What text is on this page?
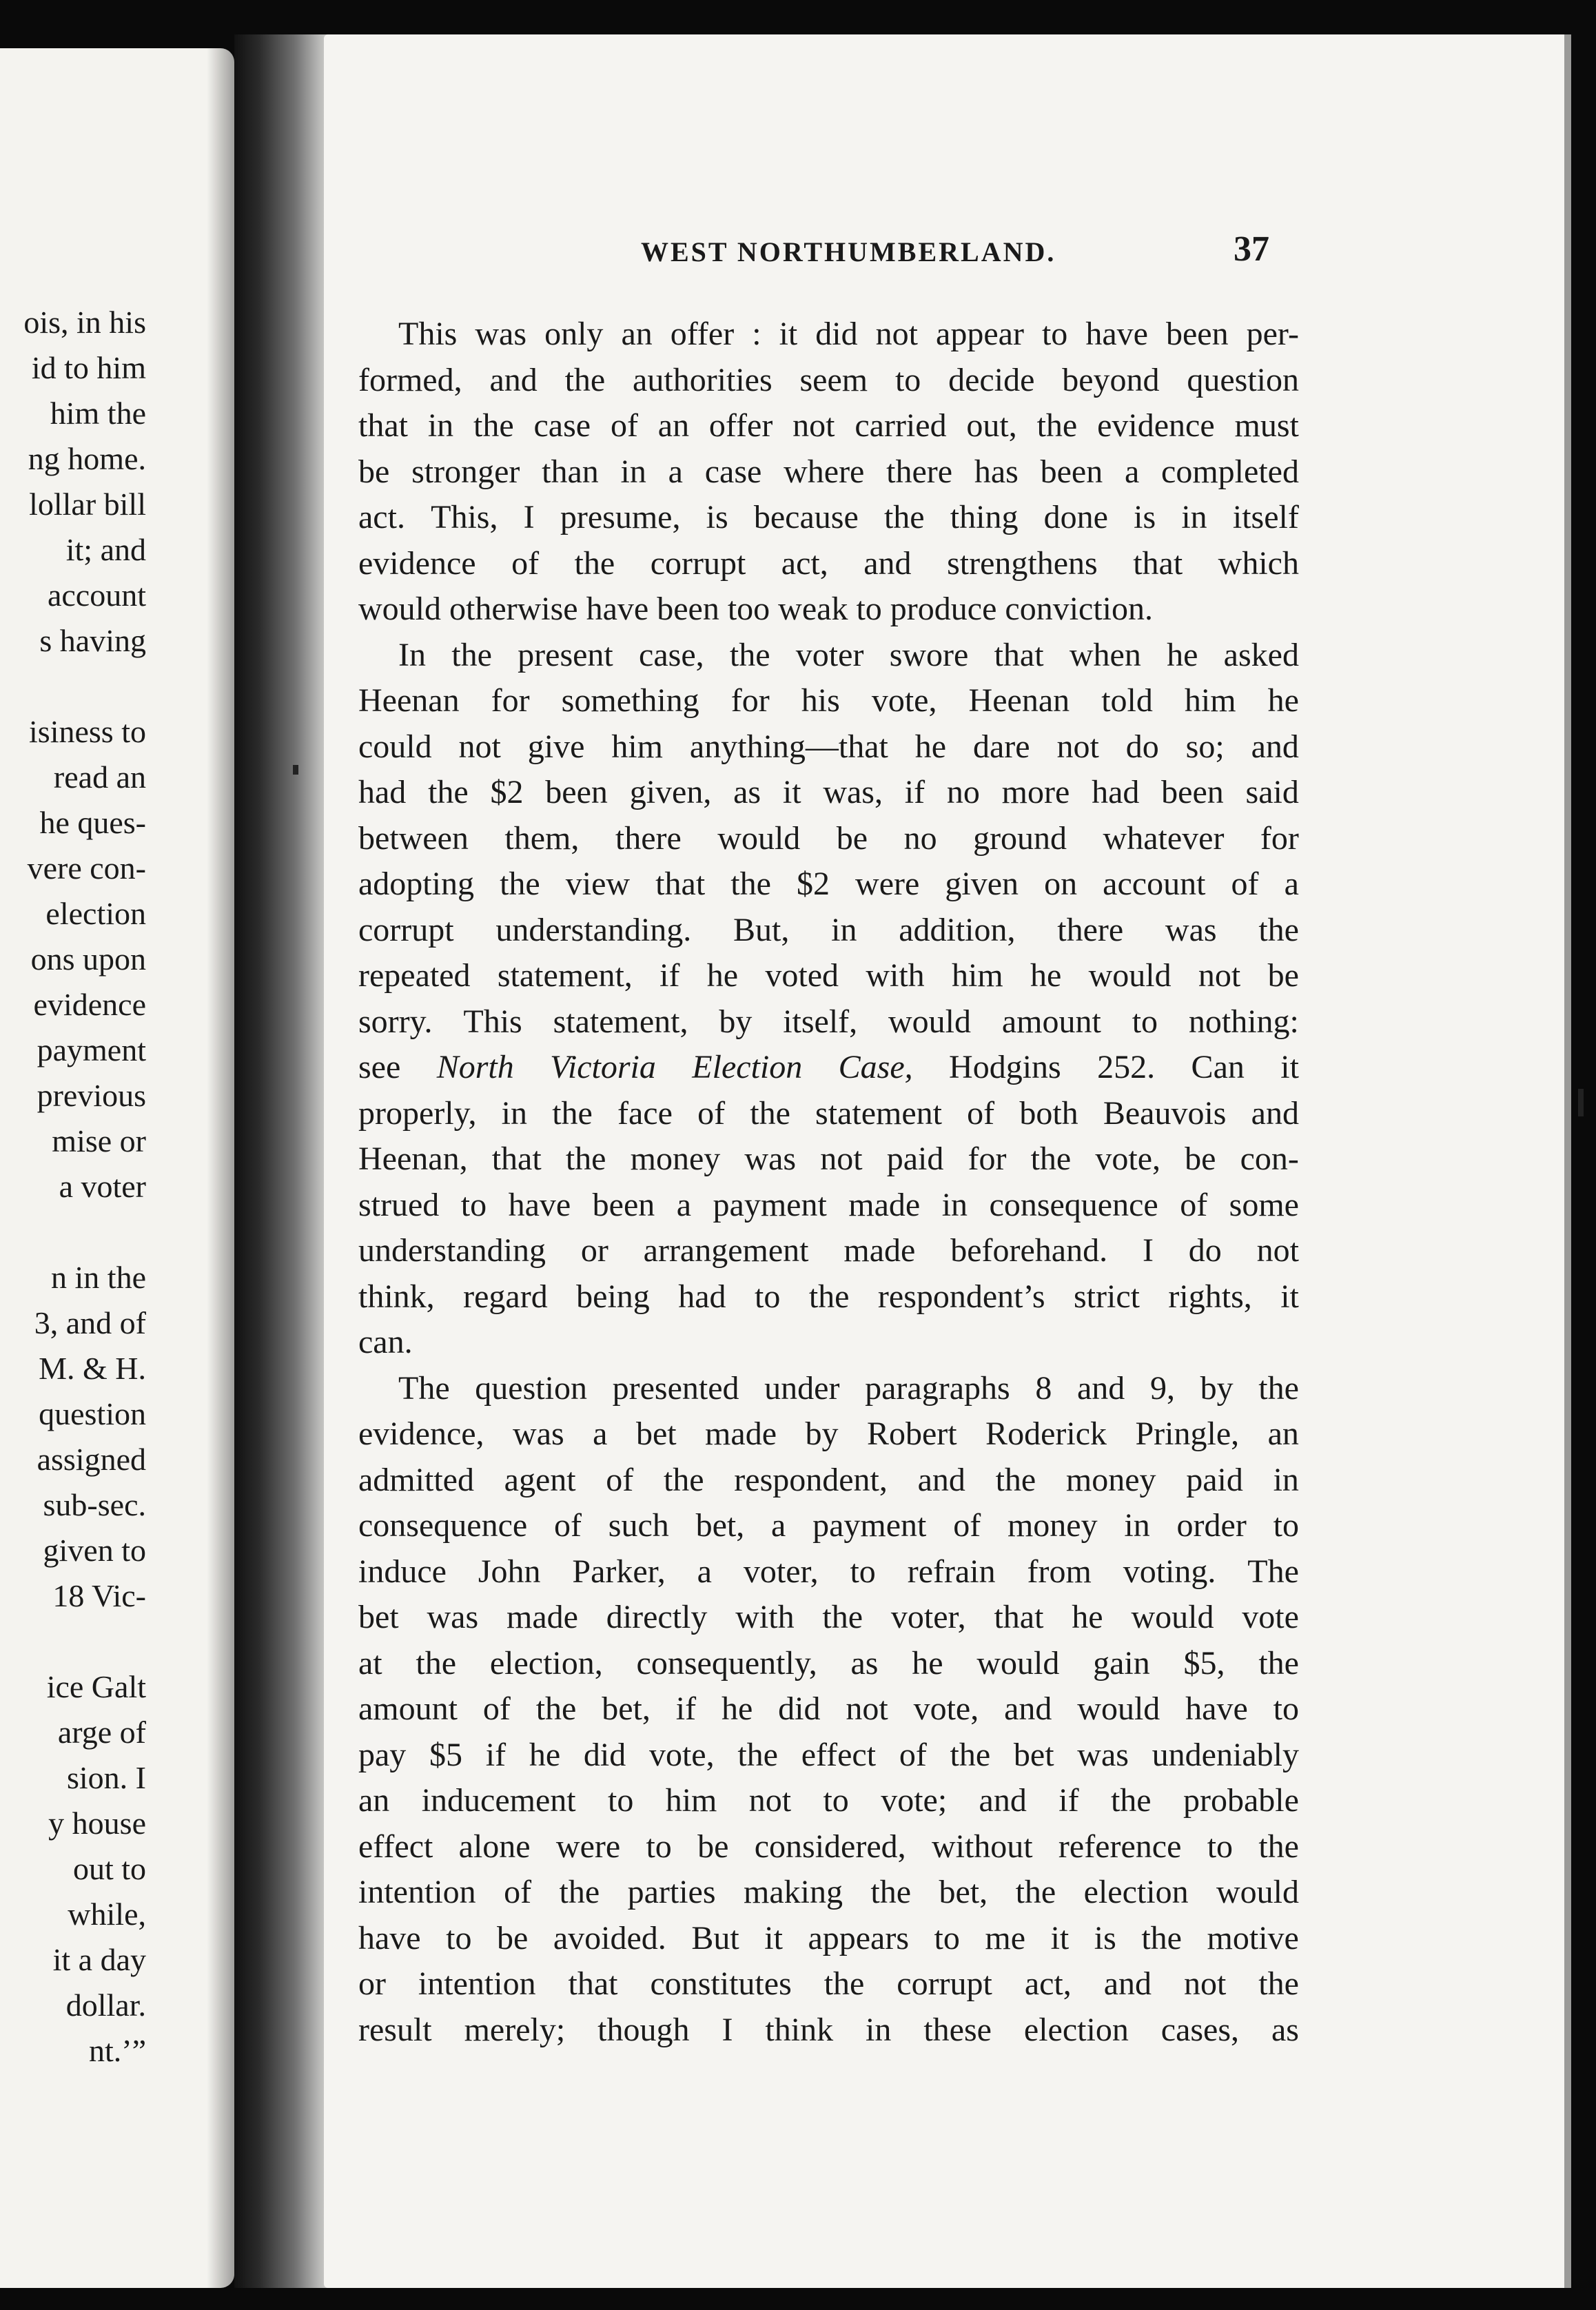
ois, in his
id to him
him the
ng home.
lollar bill
it; and
account
s having
isiness to
read an
he ques-
vere con-
election
ons upon
evidence
payment
previous
mise or
a voter
n in the
3, and of
M. & H.
question
assigned
sub-sec.
given to
18 Vic-
ice Galt
arge of
sion. I
y house
out to
while,
it a day
dollar.
nt.’”
WEST NORTHUMBERLAND.	37
This was only an offer : it did not appear to have been per-
formed, and the authorities seem to decide beyond question
that in the case of an offer not carried out, the evidence must
be stronger than in a case where there has been a completed
act. This, I presume, is because the thing done is in itself
evidence of the corrupt act, and strengthens that which
would otherwise have been too weak to produce conviction.
In the present case, the voter swore that when he asked
Heenan for something for his vote, Heenan told him he
could not give him anything—that he dare not do so; and
had the $2 been given, as it was, if no more had been said
between them, there would be no ground whatever for
adopting the view that the $2 were given on account of a
corrupt understanding. But, in addition, there was the
repeated statement, if he voted with him he would not be
sorry. This statement, by itself, would amount to nothing:
see North Victoria Election Case, Hodgins 252. Can it
properly, in the face of the statement of both Beauvois and
Heenan, that the money was not paid for the vote, be con-
strued to have been a payment made in consequence of some
understanding or arrangement made beforehand. I do not
think, regard being had to the respondent’s strict rights, it
can.
The question presented under paragraphs 8 and 9, by the
evidence, was a bet made by Robert Roderick Pringle, an
admitted agent of the respondent, and the money paid in
consequence of such bet, a payment of money in order to
induce John Parker, a voter, to refrain from voting. The
bet was made directly with the voter, that he would vote
at the election, consequently, as he would gain $5, the
amount of the bet, if he did not vote, and would have to
pay $5 if he did vote, the effect of the bet was undeniably
an inducement to him not to vote; and if the probable
effect alone were to be considered, without reference to the
intention of the parties making the bet, the election would
have to be avoided. But it appears to me it is the motive
or intention that constitutes the corrupt act, and not the
result merely; though I think in these election cases, as
